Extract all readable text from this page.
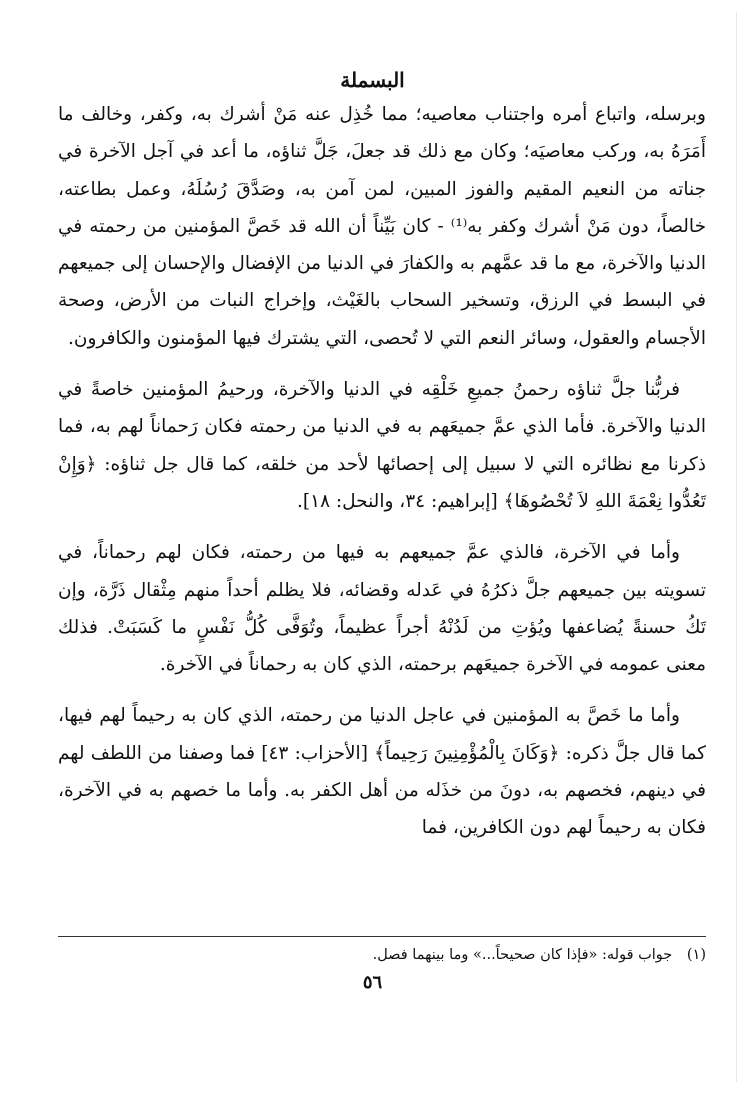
البسملة

وبرسله، واتباع أمره واجتناب معاصيه؛ مما خُذِل عنه مَنْ أشرك به، وكفر، وخالف ما أَمَرَهُ به، وركب معاصيَه؛ وكان مع ذلك قد جعلَ، جَلَّ ثناؤه، ما أعد في آجل الآخرة في جناته من النعيم المقيم والفوز المبين، لمن آمن به، وصَدَّقَ رُسُلَهُ، وعمل بطاعته، خالصاً، دون مَنْ أشرك وكفر به⁽¹⁾ - كان بَيِّناً أن الله قد خَصَّ المؤمنين من رحمته في الدنيا والآخرة، مع ما قد عمَّهم به والكفارَ في الدنيا من الإفضال والإحسان إلى جميعهم في البسط في الرزق، وتسخير السحاب بالغَيْث، وإخراج النبات من الأرض، وصحة الأجسام والعقول، وسائر النعم التي لا تُحصى، التي يشترك فيها المؤمنون والكافرون.

فربُّنا جلَّ ثناؤه رحمنُ جميعِ خَلْقِه في الدنيا والآخرة، ورحيمُ المؤمنين خاصةً في الدنيا والآخرة. فأما الذي عمَّ جميعَهم به في الدنيا من رحمته فكان رَحماناً لهم به، فما ذكرنا مع نظائره التي لا سبيل إلى إحصائها لأحد من خلقه، كما قال جل ثناؤه: ﴿وَإِنْ تَعُدُّوا نِعْمَةَ اللهِ لاَ تُحْصُوهَا﴾ [إبراهيم: ٣٤، والنحل: ١٨].

وأما في الآخرة، فالذي عمَّ جميعهم به فيها من رحمته، فكان لهم رحماناً، في تسويته بين جميعهم جلَّ ذكرُهُ في عَدله وقضائه، فلا يظلم أحداً منهم مِثْقال ذَرَّة، وإن تَكُ حسنةً يُضاعفها ويُؤتِ من لَدُنْهُ أجراً عظيماً، وتُوَفَّى كُلُّ نَفْسٍ ما كَسَبَتْ. فذلك معنى عمومه في الآخرة جميعَهم برحمته، الذي كان به رحماناً في الآخرة.

وأما ما خَصَّ به المؤمنين في عاجل الدنيا من رحمته، الذي كان به رحيماً لهم فيها، كما قال جلَّ ذكره: ﴿وَكَانَ بِالْمُؤْمِنِينَ رَحِيماً﴾ [الأحزاب: ٤٣] فما وصفنا من اللطف لهم في دينهم، فخصهم به، دونَ من خذَله من أهل الكفر به. وأما ما خصهم به في الآخرة، فكان به رحيماً لهم دون الكافرين، فما

(١) جواب قوله: «فإذا كان صحيحاً...» وما بينهما فصل.
٥٦
